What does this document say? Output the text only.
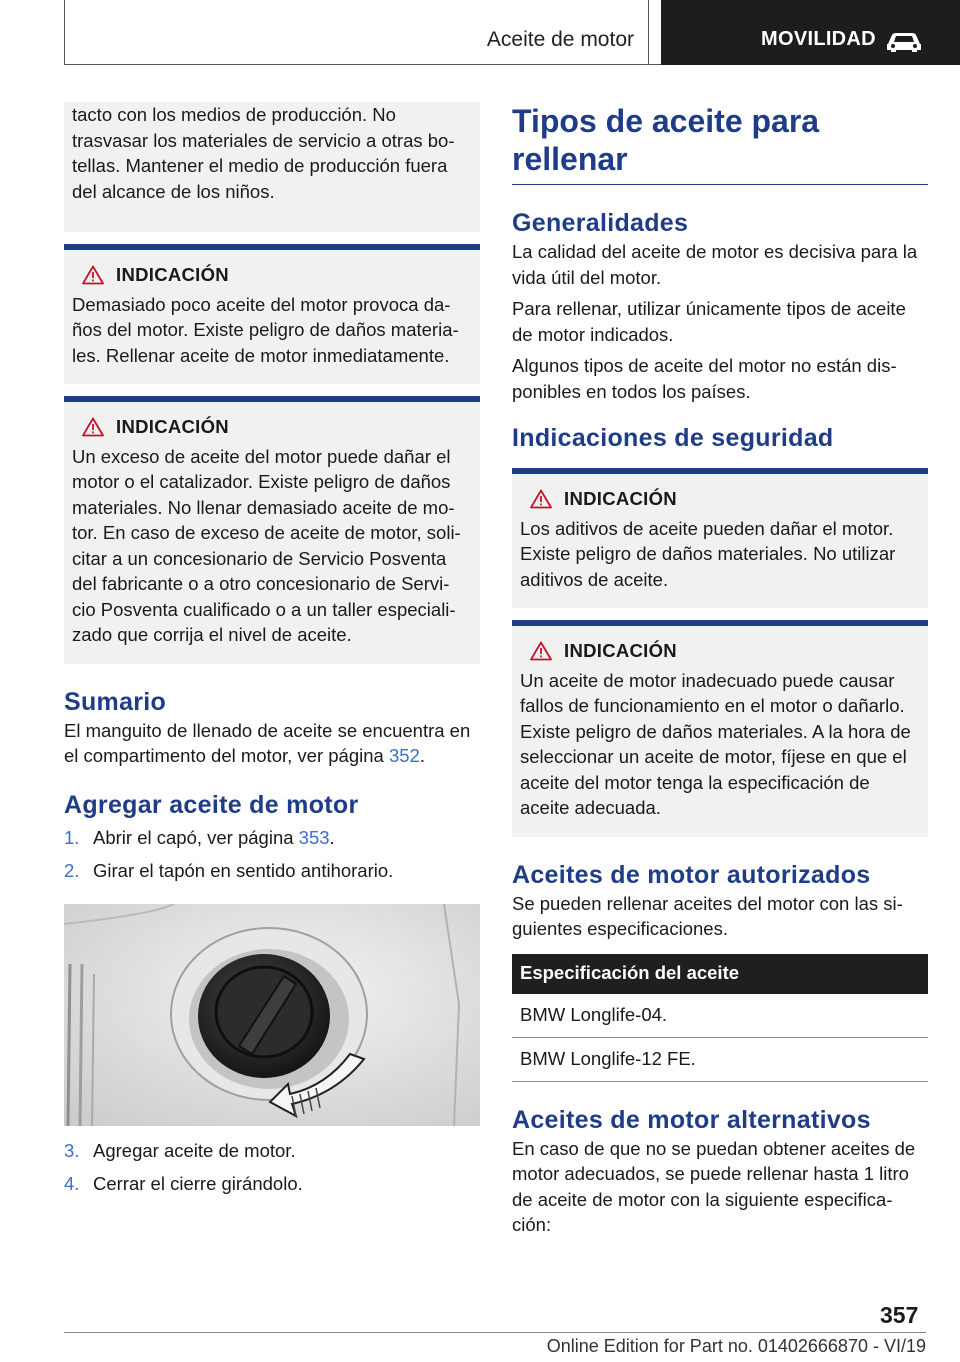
Aceite de motor	MOVILIDAD

tacto con los medios de producción. No trasvasar los materiales de servicio a otras bo- tellas. Mantener el medio de producción fuera del alcance de los niños.

INDICACIÓN

Demasiado poco aceite del motor provoca da- ños del motor. Existe peligro de daños materia- les. Rellenar aceite de motor inmediatamente.

INDICACIÓN

Un exceso de aceite del motor puede dañar el motor o el catalizador. Existe peligro de daños materiales. No llenar demasiado aceite de mo- tor. En caso de exceso de aceite de motor, soli- citar a un concesionario de Servicio Posventa del fabricante o a otro concesionario de Servi- cio Posventa cualificado o a un taller especiali- zado que corrija el nivel de aceite.

Sumario

El manguito de llenado de aceite se encuentra en el compartimento del motor, ver página 352.

Agregar aceite de motor
1. Abrir el capó, ver página 353.
2. Girar el tapón en sentido antihorario.
3. Agregar aceite de motor.
4. Cerrar el cierre girándolo.
Tipos de aceite para rellenar
Generalidades

La calidad del aceite de motor es decisiva para la vida útil del motor.

Para rellenar, utilizar únicamente tipos de aceite de motor indicados.

Algunos tipos de aceite del motor no están dis- ponibles en todos los países.

Indicaciones de seguridad
INDICACIÓN

Los aditivos de aceite pueden dañar el motor. Existe peligro de daños materiales. No utilizar aditivos de aceite.

INDICACIÓN

Un aceite de motor inadecuado puede causar fallos de funcionamiento en el motor o dañarlo. Existe peligro de daños materiales. A la hora de seleccionar un aceite de motor, fíjese en que el aceite del motor tenga la especificación de aceite adecuada.

Aceites de motor autorizados

Se pueden rellenar aceites del motor con las si- guientes especificaciones.

Especificación del aceite
BMW Longlife-04.
BMW Longlife-12 FE.
Aceites de motor alternativos

En caso de que no se puedan obtener aceites de motor adecuados, se puede rellenar hasta 1 litro de aceite de motor con la siguiente especifica- ción:

357
Online Edition for Part no. 01402666870 - VI/19
